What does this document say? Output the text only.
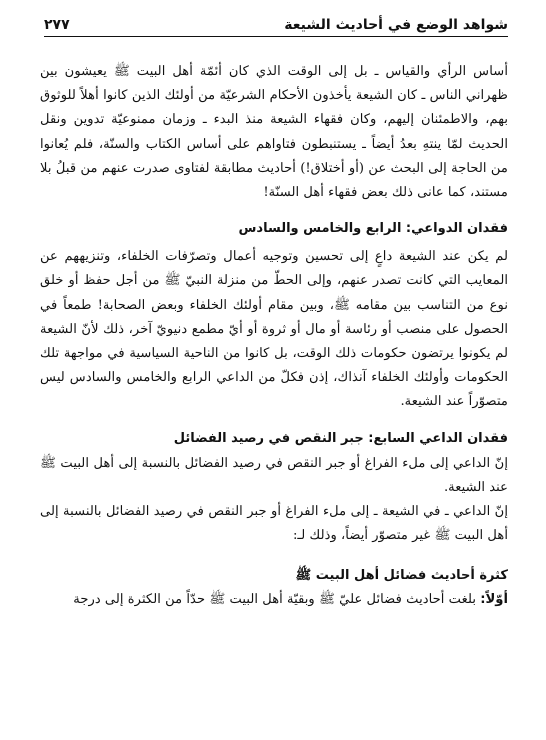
شواهد الوضع في أحاديث الشيعة
٢٧٧

أساس الرأي والقياس ـ بل إلى الوقت الذي كان أئمّة أهل البيت ﷺ يعيشون بين ظهراني الناس ـ كان الشيعة يأخذون الأحكام الشرعيّة من أولئك الذين كانوا أهلاً للوثوق بهم، والاطمئنان إليهم، وكان فقهاء الشيعة منذ البدء ـ وزمان ممنوعيّة تدوين ونقل الحديث لمّا ينتهِ بعدُ أيضاً ـ يستنبطون فتاواهم على أساس الكتاب والسنّة، فلم يُعانوا من الحاجة إلى البحث عن (أو أختلاق!) أحاديث مطابقة لفتاوى صدرت عنهم من قبلُ بلا مستند، كما عانى ذلك بعض فقهاء أهل السنّة!

فقدان الدواعي: الرابع والخامس والسادس

لم يكن عند الشيعة داعٍ إلى تحسين وتوجيه أعمال وتصرّفات الخلفاء، وتنزيههم عن المعايب التي كانت تصدر عنهم، وإلى الحطّ من منزلة النبيّ ﷺ من أجل حفظ أو خلق نوع من التناسب بين مقامه ﷺ، وبين مقام أولئك الخلفاء وبعض الصحابة! طمعاً في الحصول على منصب أو رئاسة أو مال أو ثروة أو أيّ مطمع دنيويّ آخر، ذلك لأنّ الشيعة لم يكونوا يرتضون حكومات ذلك الوقت، بل كانوا من الناحية السياسية في مواجهة تلك الحكومات وأولئك الخلفاء آنذاك، إذن فكلّ من الداعي الرابع والخامس والسادس ليس متصوّراً عند الشيعة.

فقدان الداعي السابع: جبر النقص في رصيد الفضائل

إنّ الداعي إلى ملء الفراغ أو جبر النقص في رصيد الفضائل بالنسبة إلى أهل البيت ﷺ عند الشيعة.

إنّ الداعي ـ في الشيعة ـ إلى ملء الفراغ أو جبر النقص في رصيد الفضائل بالنسبة إلى أهل البيت ﷺ غير متصوّر أيضاً، وذلك لـ:

كثرة أحاديث فضائل أهل البيت ﷺ

أوّلاً: بلغت أحاديث فضائل عليّ ﷺ وبقيّة أهل البيت ﷺ حدّاً من الكثرة إلى درجة
